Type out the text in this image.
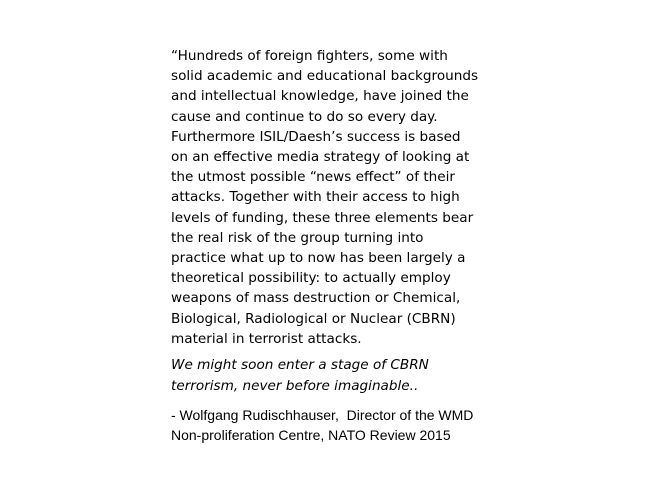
“Hundreds of foreign fighters, some with
solid academic and educational backgrounds
and intellectual knowledge, have joined the
cause and continue to do so every day.
Furthermore ISIL/Daesh’s success is based
on an effective media strategy of looking at
the utmost possible “news effect” of their
attacks. Together with their access to high
levels of funding, these three elements bear
the real risk of the group turning into
practice what up to now has been largely a
theoretical possibility: to actually employ
weapons of mass destruction or Chemical,
Biological, Radiological or Nuclear (CBRN)
material in terrorist attacks.
We might soon enter a stage of CBRN
terrorism, never before imaginable..
- Wolfgang Rudischhauser,  Director of the WMD
Non-proliferation Centre, NATO Review 2015
